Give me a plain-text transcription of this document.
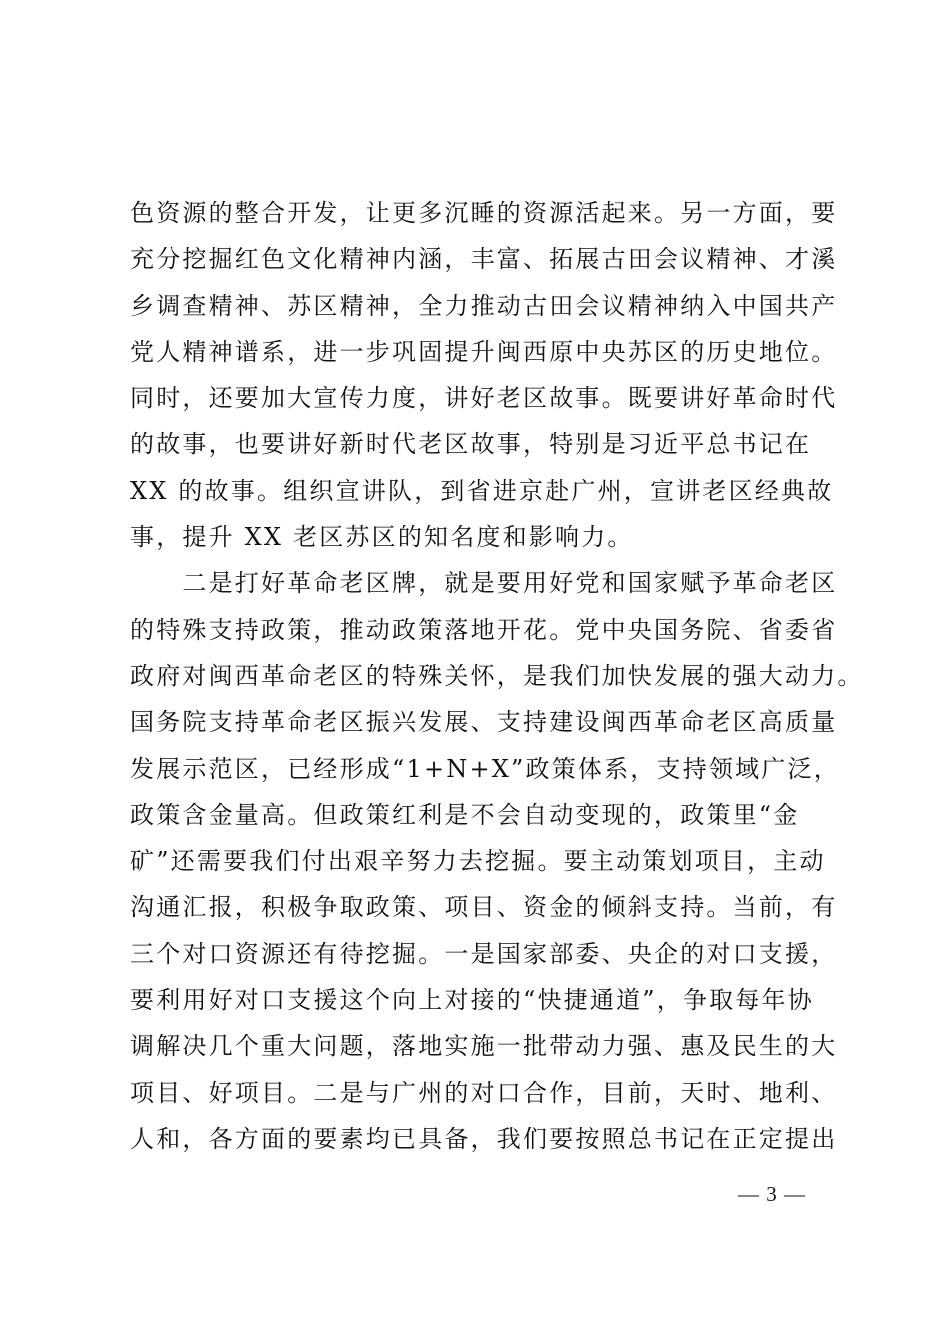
色资源的整合开发，让更多沉睡的资源活起来。另一方面，要
充分挖掘红色文化精神内涵，丰富、拓展古田会议精神、才溪
乡调查精神、苏区精神，全力推动古田会议精神纳入中国共产
党人精神谱系，进一步巩固提升闽西原中央苏区的历史地位。
同时，还要加大宣传力度，讲好老区故事。既要讲好革命时代
的故事，也要讲好新时代老区故事，特别是习近平总书记在
XX 的故事。组织宣讲队，到省进京赴广州，宣讲老区经典故
事，提升 XX 老区苏区的知名度和影响力。
　　二是打好革命老区牌，就是要用好党和国家赋予革命老区
的特殊支持政策，推动政策落地开花。党中央国务院、省委省
政府对闽西革命老区的特殊关怀，是我们加快发展的强大动力。
国务院支持革命老区振兴发展、支持建设闽西革命老区高质量
发展示范区，已经形成“1+N+X”政策体系，支持领域广泛，
政策含金量高。但政策红利是不会自动变现的，政策里“金
矿”还需要我们付出艰辛努力去挖掘。要主动策划项目，主动
沟通汇报，积极争取政策、项目、资金的倾斜支持。当前，有
三个对口资源还有待挖掘。一是国家部委、央企的对口支援，
要利用好对口支援这个向上对接的“快捷通道”，争取每年协
调解决几个重大问题，落地实施一批带动力强、惠及民生的大
项目、好项目。二是与广州的对口合作，目前，天时、地利、
人和，各方面的要素均已具备，我们要按照总书记在正定提出
— 3 —
